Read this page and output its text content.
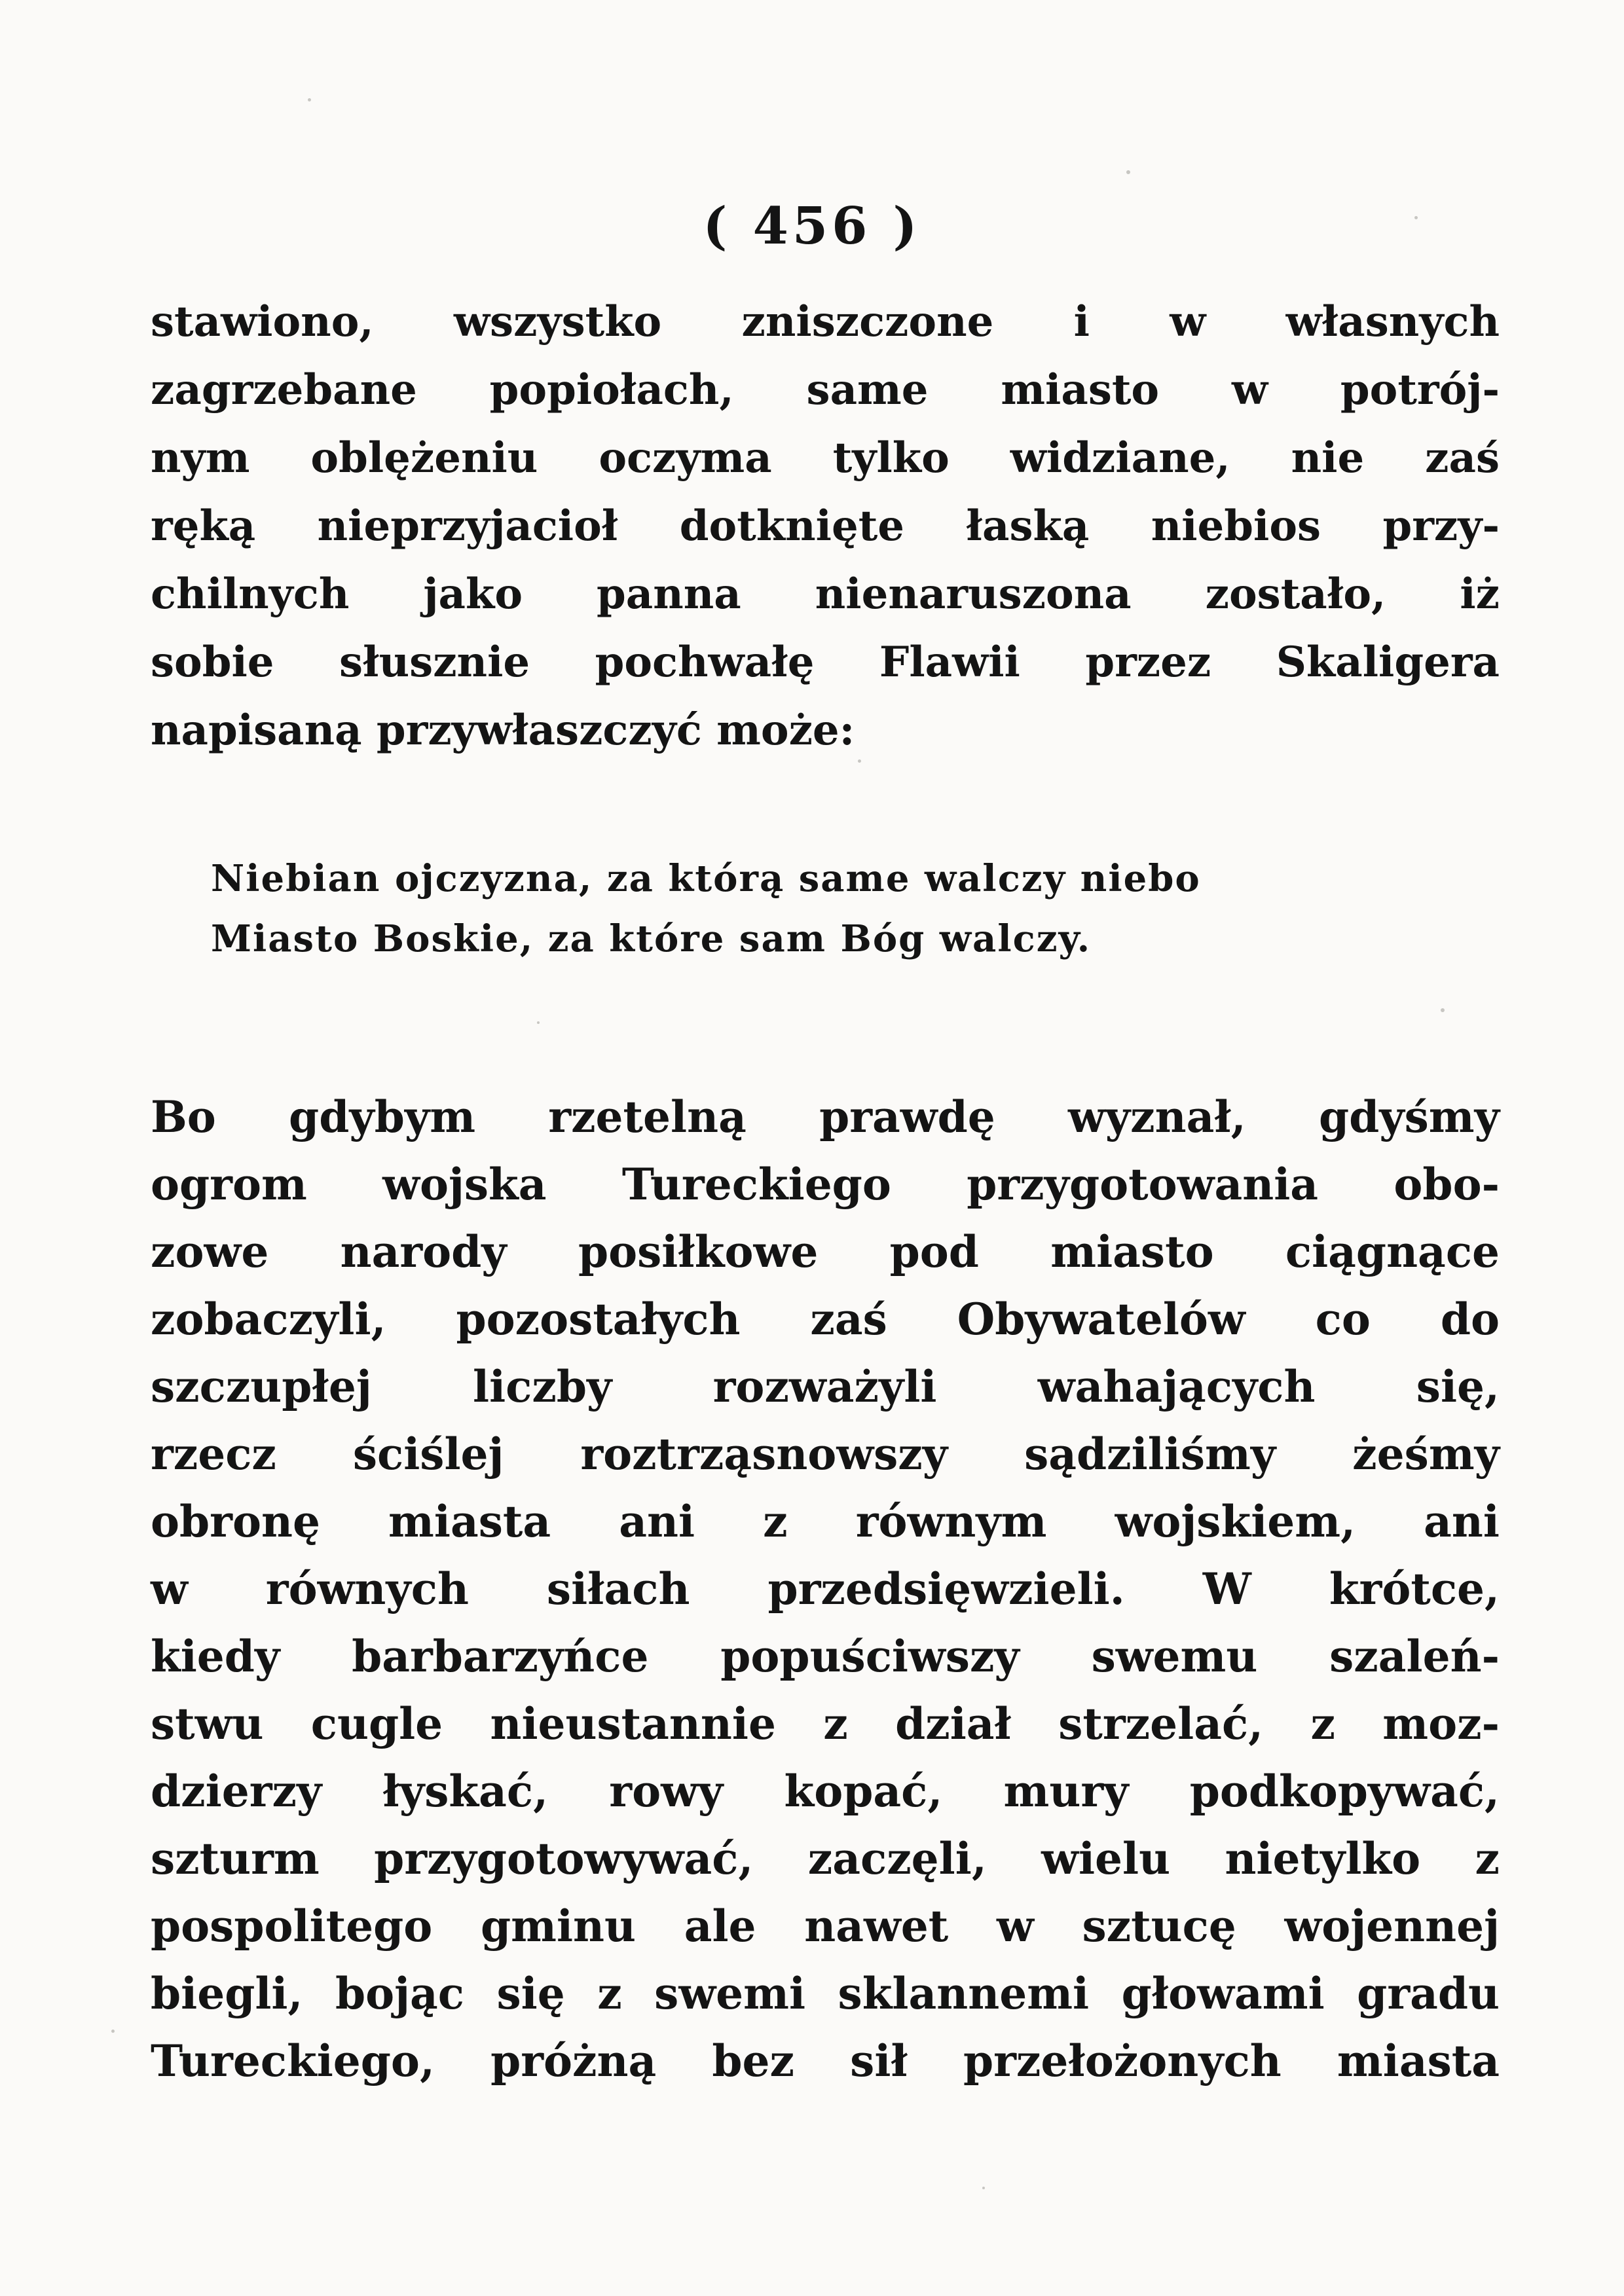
( 456 )
stawiono, wszystko zniszczone i w własnych
zagrzebane popiołach, same miasto w potrój-
nym oblężeniu oczyma tylko widziane, nie zaś
ręką nieprzyjacioł dotknięte łaską niebios przy-
chilnych jako panna nienaruszona zostało, iż
sobie słusznie pochwałę Flawii przez Skaligera
napisaną przywłaszczyć może:
Niebian ojczyzna, za którą same walczy niebo
Miasto Boskie, za które sam Bóg walczy.
Bo gdybym rzetelną prawdę wyznał, gdyśmy
ogrom wojska Tureckiego przygotowania obo-
zowe narody posiłkowe pod miasto ciągnące
zobaczyli, pozostałych zaś Obywatelów co do
szczupłej liczby rozważyli wahających się,
rzecz ściślej roztrząsnowszy sądziliśmy żeśmy
obronę miasta ani z równym wojskiem, ani
w równych siłach przedsięwzieli. W krótce,
kiedy barbarzyńce popuściwszy swemu szaleń-
stwu cugle nieustannie z dział strzelać, z moz-
dzierzy łyskać, rowy kopać, mury podkopywać,
szturm przygotowywać, zaczęli, wielu nietylko z
pospolitego gminu ale nawet w sztucę wojennej
biegli, bojąc się z swemi sklannemi głowami gradu
Tureckiego, próżną bez sił przełożonych miasta
